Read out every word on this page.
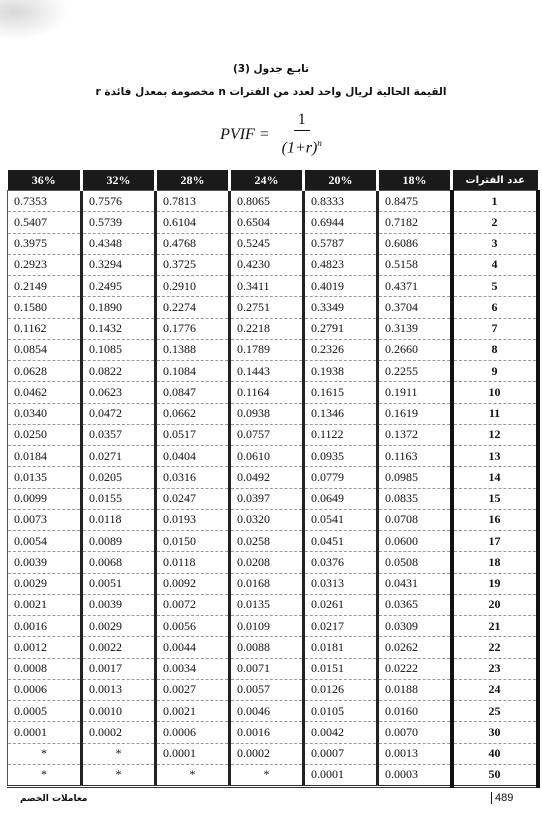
تابـع جدول (3)
القيمة الحالية لريال واحد لعدد من الفترات n مخصومة بمعدل فائدة r
PVIF = $\frac{1}{(1+r)^n}$
36%	32%	28%	24%	20%	18%	عدد الفترات
0.7353	0.7576	0.7813	0.8065	0.8333	0.8475	1
0.5407	0.5739	0.6104	0.6504	0.6944	0.7182	2
0.3975	0.4348	0.4768	0.5245	0.5787	0.6086	3
0.2923	0.3294	0.3725	0.4230	0.4823	0.5158	4
0.2149	0.2495	0.2910	0.3411	0.4019	0.4371	5
0.1580	0.1890	0.2274	0.2751	0.3349	0.3704	6
0.1162	0.1432	0.1776	0.2218	0.2791	0.3139	7
0.0854	0.1085	0.1388	0.1789	0.2326	0.2660	8
0.0628	0.0822	0.1084	0.1443	0.1938	0.2255	9
0.0462	0.0623	0.0847	0.1164	0.1615	0.1911	10
0.0340	0.0472	0.0662	0.0938	0.1346	0.1619	11
0.0250	0.0357	0.0517	0.0757	0.1122	0.1372	12
0.0184	0.0271	0.0404	0.0610	0.0935	0.1163	13
0.0135	0.0205	0.0316	0.0492	0.0779	0.0985	14
0.0099	0.0155	0.0247	0.0397	0.0649	0.0835	15
0.0073	0.0118	0.0193	0.0320	0.0541	0.0708	16
0.0054	0.0089	0.0150	0.0258	0.0451	0.0600	17
0.0039	0.0068	0.0118	0.0208	0.0376	0.0508	18
0.0029	0.0051	0.0092	0.0168	0.0313	0.0431	19
0.0021	0.0039	0.0072	0.0135	0.0261	0.0365	20
0.0016	0.0029	0.0056	0.0109	0.0217	0.0309	21
0.0012	0.0022	0.0044	0.0088	0.0181	0.0262	22
0.0008	0.0017	0.0034	0.0071	0.0151	0.0222	23
0.0006	0.0013	0.0027	0.0057	0.0126	0.0188	24
0.0005	0.0010	0.0021	0.0046	0.0105	0.0160	25
0.0001	0.0002	0.0006	0.0016	0.0042	0.0070	30
*	*	0.0001	0.0002	0.0007	0.0013	40
*	*	*	*	0.0001	0.0003	50
489
معاملات الخصم
